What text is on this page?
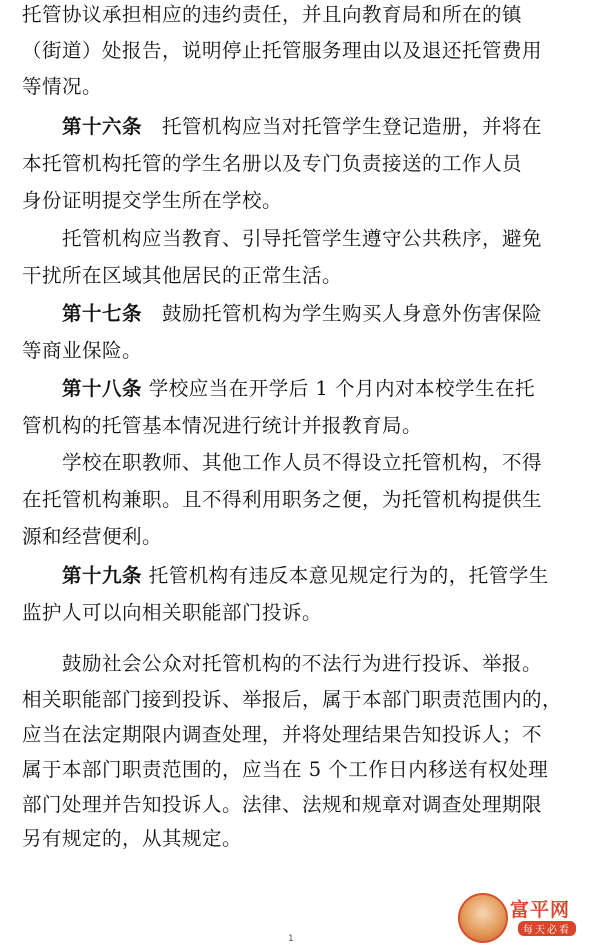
托管协议承担相应的违约责任，并且向教育局和所在的镇
（街道）处报告，说明停止托管服务理由以及退还托管费用
等情况。
第十六条　托管机构应当对托管学生登记造册，并将在
本托管机构托管的学生名册以及专门负责接送的工作人员
身份证明提交学生所在学校。
托管机构应当教育、引导托管学生遵守公共秩序，避免
干扰所在区域其他居民的正常生活。
第十七条　鼓励托管机构为学生购买人身意外伤害保险
等商业保险。
第十八条 学校应当在开学后 1 个月内对本校学生在托
管机构的托管基本情况进行统计并报教育局。
学校在职教师、其他工作人员不得设立托管机构，不得
在托管机构兼职。且不得利用职务之便，为托管机构提供生
源和经营便利。
第十九条 托管机构有违反本意见规定行为的，托管学生
监护人可以向相关职能部门投诉。
鼓励社会公众对托管机构的不法行为进行投诉、举报。
相关职能部门接到投诉、举报后，属于本部门职责范围内的，
应当在法定期限内调查处理，并将处理结果告知投诉人；不
属于本部门职责范围的，应当在 5 个工作日内移送有权处理
部门处理并告知投诉人。法律、法规和规章对调查处理期限
另有规定的，从其规定。
1
富平网
每天必看
